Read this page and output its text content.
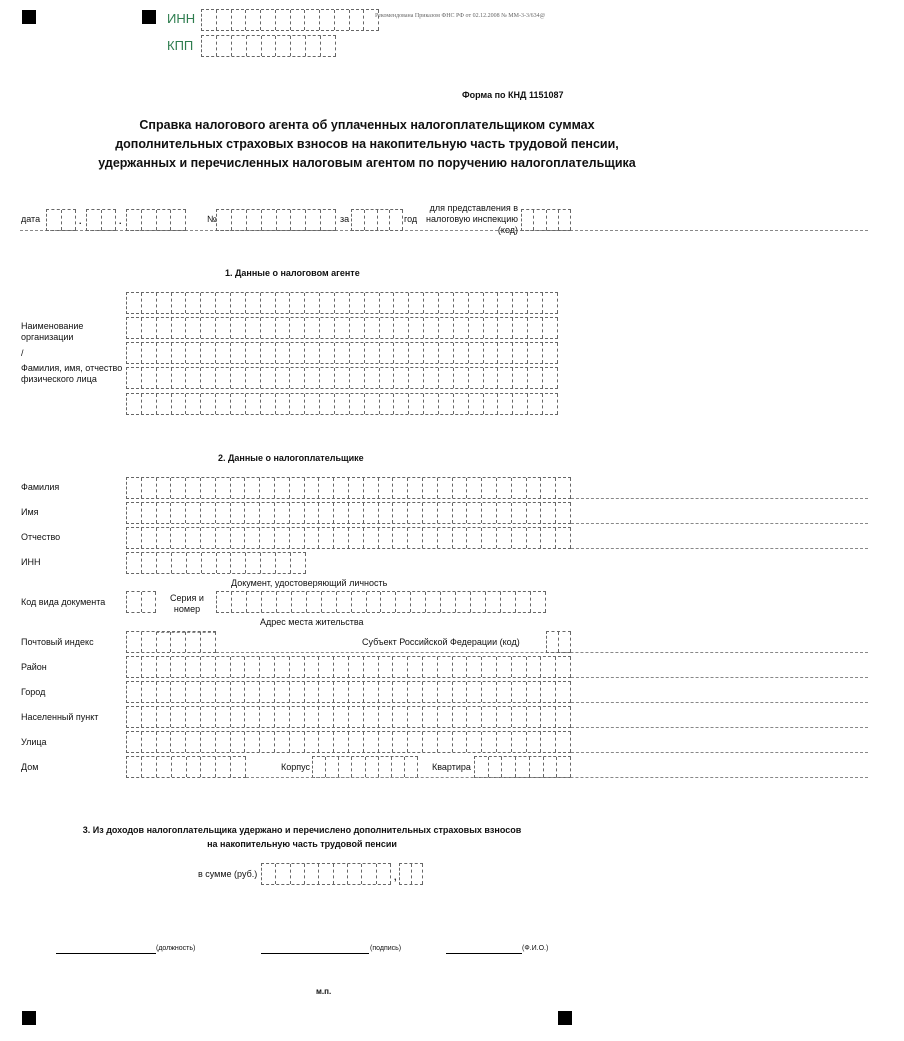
ИНН
КПП
Рекомендована Приказом ФНС РФ от 02.12.2008 № ММ-3-3/634@
Форма по КНД 1151087
Справка налогового агента об уплаченных налогоплательщиком суммах
дополнительных страховых взносов на накопительную часть трудовой пенсии,
удержанных и перечисленных налоговым агентом по поручению налогоплательщика
дата	.	.	№	за	год
для представления в
налоговую инспекцию
(код)
1. Данные о налоговом агенте
Наименование организации
/
Фамилия, имя, отчество физического лица
2. Данные о налогоплательщике
Фамилия
Имя
Отчество
ИНН
Документ, удостоверяющий личность
Код вида документа	Серия и номер
Адрес места жительства
Почтовый индекс	Субъект Российской Федерации (код)
Район
Город
Населенный пункт
Улица
Дом	Корпус	Квартира
3. Из доходов налогоплательщика удержано и перечислено дополнительных страховых взносов
на накопительную часть трудовой пенсии
в сумме (руб.)	,
(должность)	(подпись)	(Ф.И.О.)
м.п.
